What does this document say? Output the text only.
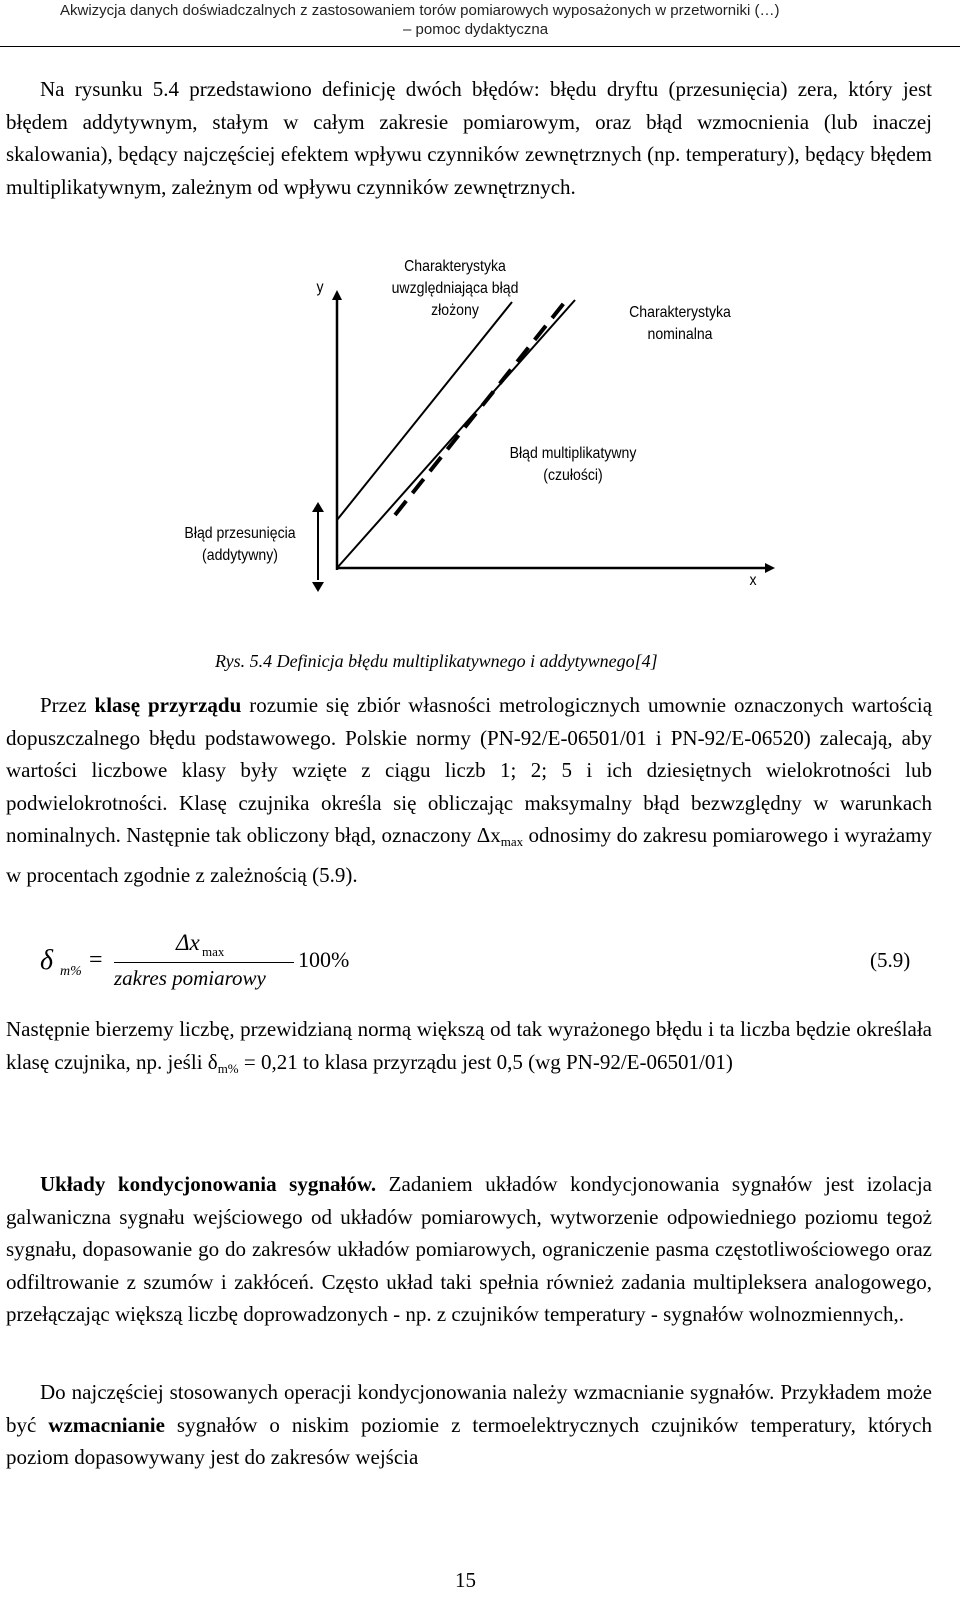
Akwizycja danych doświadczalnych z zastosowaniem torów pomiarowych wyposażonych w przetworniki (…)
– pomoc dydaktyczna
Na rysunku 5.4 przedstawiono definicję dwóch błędów: błędu dryftu (przesunięcia) zera, który jest błędem addytywnym, stałym w całym zakresie pomiarowym, oraz błąd wzmocnienia (lub inaczej skalowania), będący najczęściej efektem wpływu czynników zewnętrznych (np. temperatury), będący błędem multiplikatywnym, zależnym od wpływu czynników zewnętrznych.
y
x
Charakterystyka uwzględniająca błąd złożony	Charakterystyka nominalna
Błąd multiplikatywny
(czułości)
Błąd przesunięcia
(addytywny)
Rys. 5.4 Definicja błędu multiplikatywnego i addytywnego[4]
Przez klasę przyrządu rozumie się zbiór własności metrologicznych umownie oznaczonych wartością dopuszczalnego błędu podstawowego. Polskie normy (PN-92/E-06501/01 i PN-92/E-06520) zalecają, aby wartości liczbowe klasy były wzięte z ciągu liczb 1; 2; 5 i ich dziesiętnych wielokrotności lub podwielokrotności. Klasę czujnika określa się obliczając maksymalny błąd bezwzględny w warunkach nominalnych. Następnie tak obliczony błąd, oznaczony $\Delta x_{max}$ odnosimy do zakresu pomiarowego i wyrażamy w procentach zgodnie z zależnością (5.9).
δ m% =
Δx max
zakres pomiarowy
100%	(5.9)
Następnie bierzemy liczbę, przewidzianą normą większą od tak wyrażonego błędu i ta liczba będzie określała klasę czujnika, np. jeśli $\delta_{m\%} = 0,21$ to klasa przyrządu jest 0,5 (wg PN-92/E-06501/01)
Układy kondycjonowania sygnałów. Zadaniem układów kondycjonowania sygnałów jest izolacja galwaniczna sygnału wejściowego od układów pomiarowych, wytworzenie odpowiedniego poziomu tegoż sygnału, dopasowanie go do zakresów układów pomiarowych, ograniczenie pasma częstotliwościowego oraz odfiltrowanie z szumów i zakłóceń. Często układ taki spełnia również zadania multipleksera analogowego, przełączając większą liczbę doprowadzonych - np. z czujników temperatury - sygnałów wolnozmiennych,.
Do najczęściej stosowanych operacji kondycjonowania należy wzmacnianie sygnałów. Przykładem może być wzmacnianie sygnałów o niskim poziomie z termoelektrycznych czujników temperatury, których poziom dopasowywany jest do zakresów wejścia
15
